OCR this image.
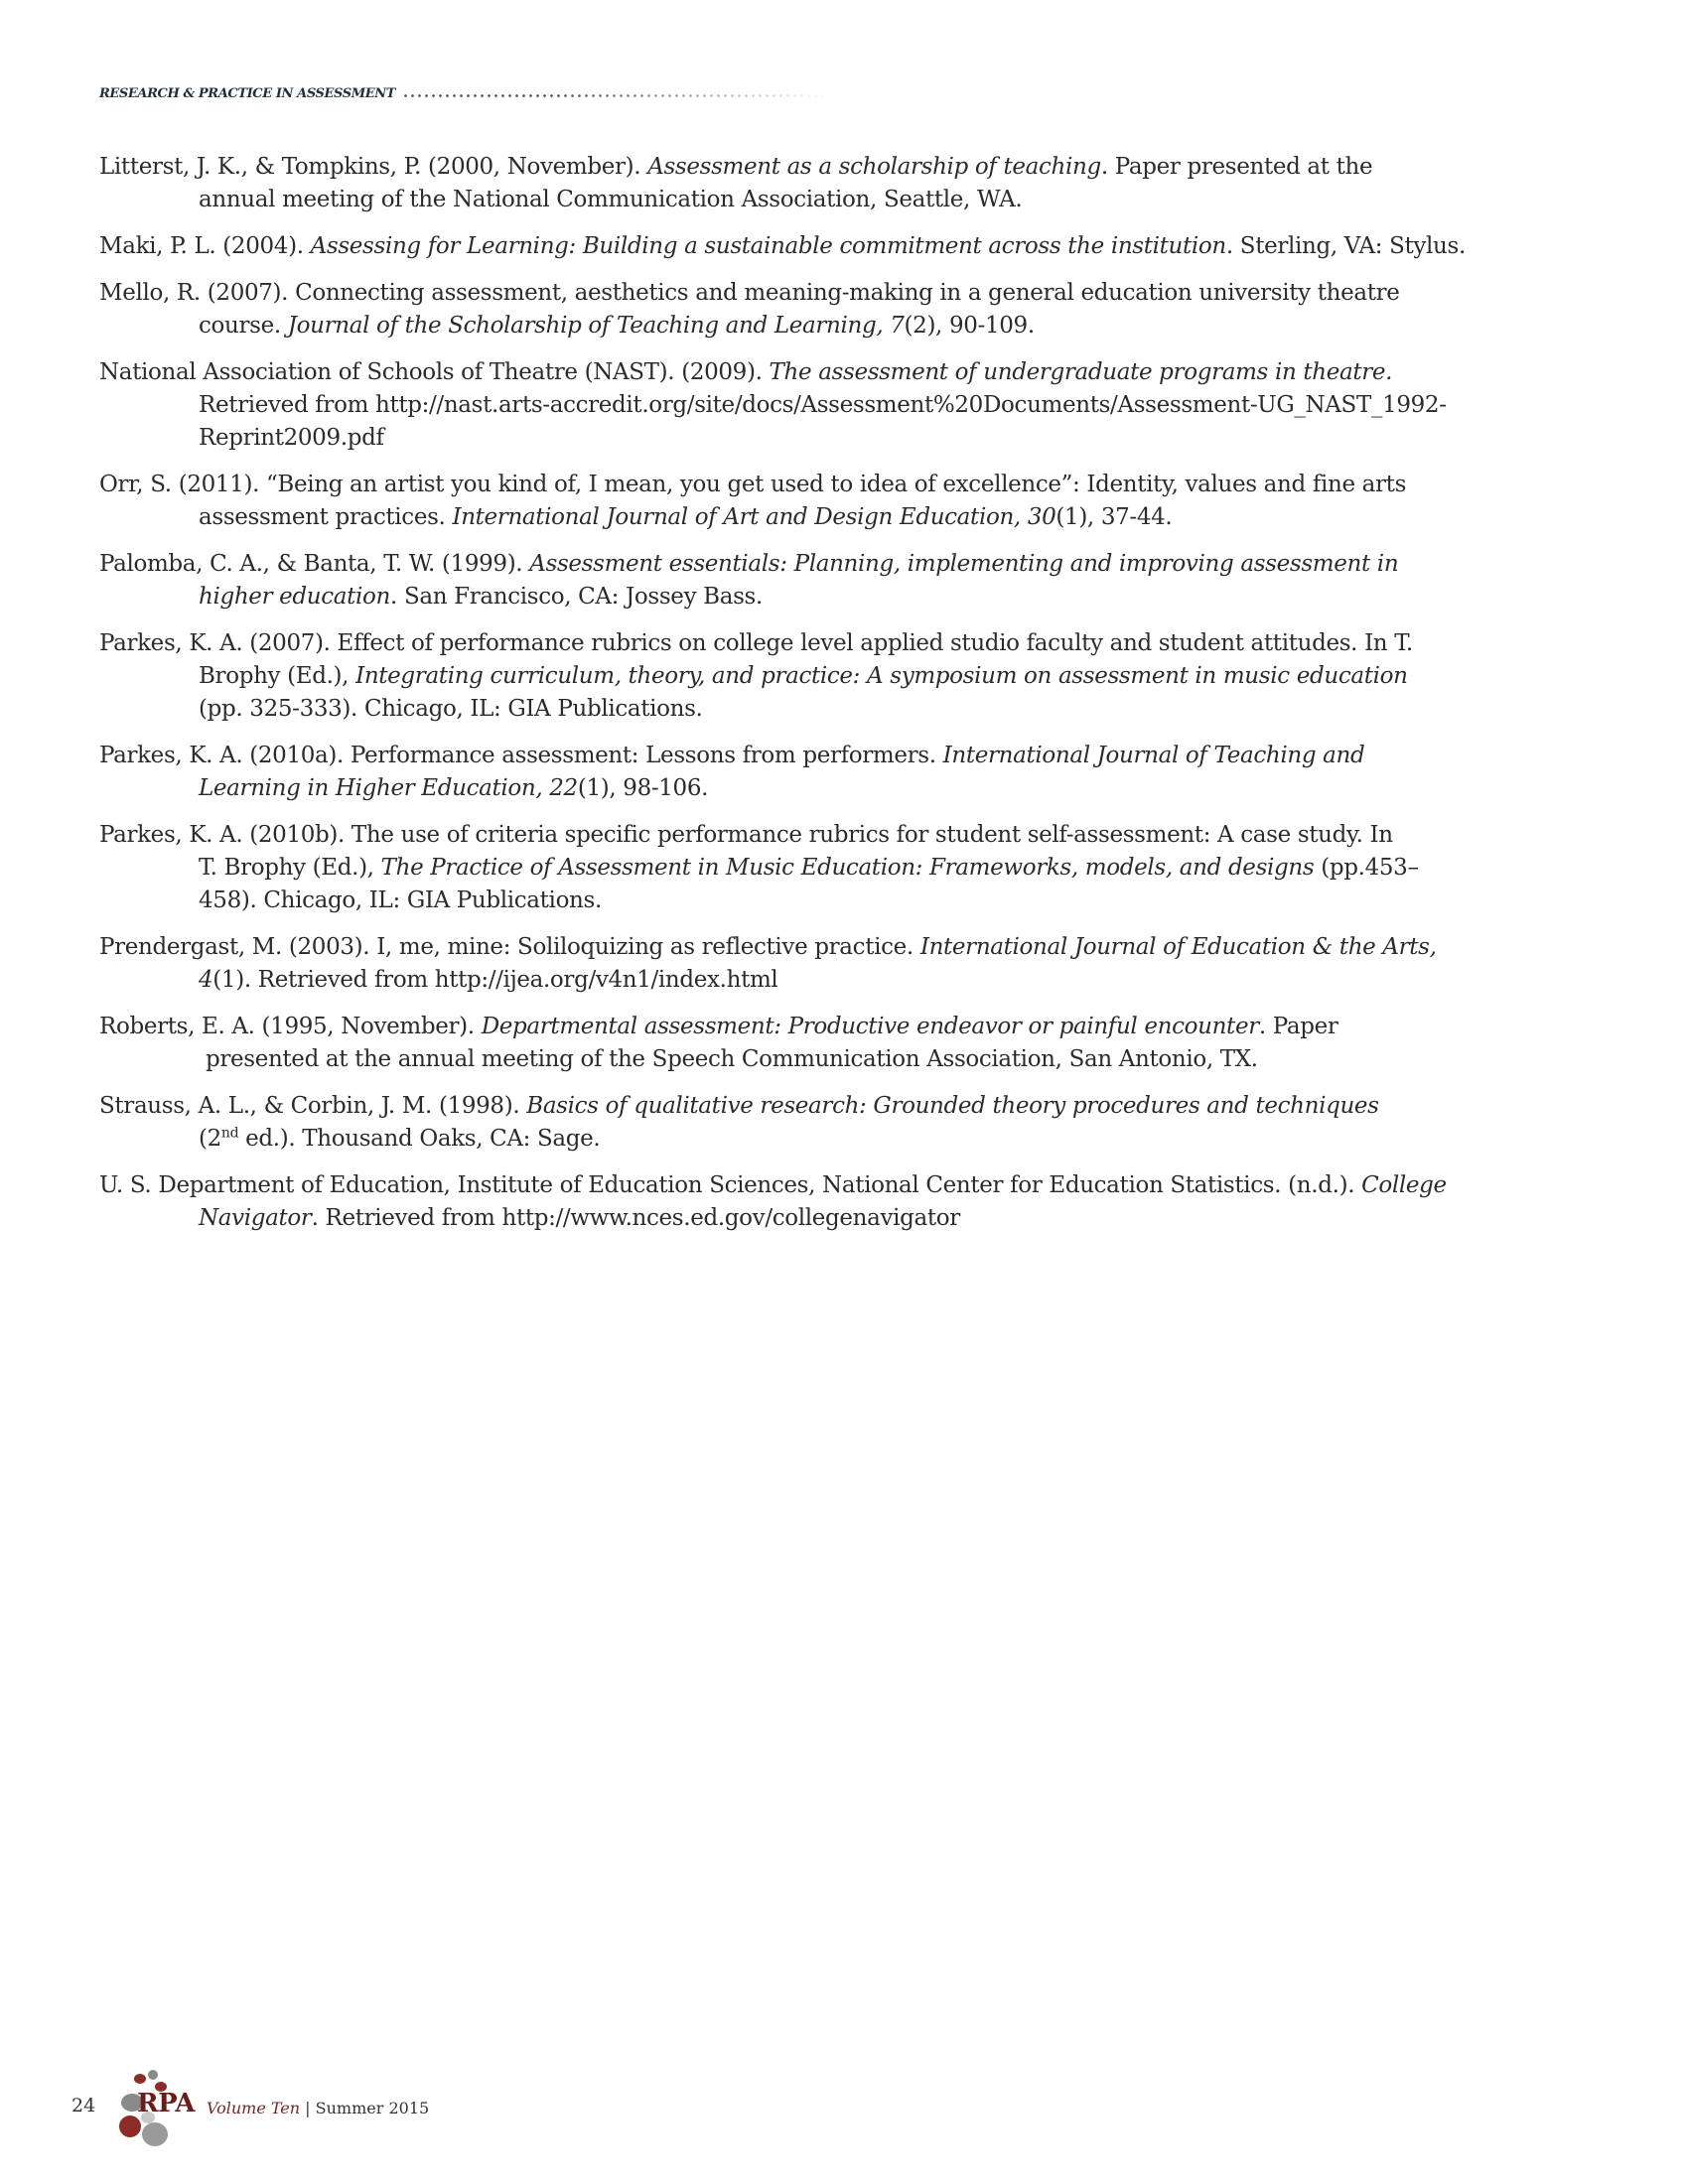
RESEARCH & PRACTICE IN ASSESSMENT
Litterst, J. K., & Tompkins, P. (2000, November). Assessment as a scholarship of teaching. Paper presented at the
annual meeting of the National Communication Association, Seattle, WA.
Maki, P. L. (2004). Assessing for Learning: Building a sustainable commitment across the institution. Sterling, VA: Stylus.
Mello, R. (2007). Connecting assessment, aesthetics and meaning-making in a general education university theatre
course. Journal of the Scholarship of Teaching and Learning, 7(2), 90-109.
National Association of Schools of Theatre (NAST). (2009). The assessment of undergraduate programs in theatre.
Retrieved from http://nast.arts-accredit.org/site/docs/Assessment%20Documents/Assessment-UG_NAST_1992-
Reprint2009.pdf
Orr, S. (2011). “Being an artist you kind of, I mean, you get used to idea of excellence”: Identity, values and fine arts
assessment practices. International Journal of Art and Design Education, 30(1), 37-44.
Palomba, C. A., & Banta, T. W. (1999). Assessment essentials: Planning, implementing and improving assessment in
higher education. San Francisco, CA: Jossey Bass.
Parkes, K. A. (2007). Effect of performance rubrics on college level applied studio faculty and student attitudes. In T.
Brophy (Ed.), Integrating curriculum, theory, and practice: A symposium on assessment in music education
(pp. 325-333). Chicago, IL: GIA Publications.
Parkes, K. A. (2010a). Performance assessment: Lessons from performers. International Journal of Teaching and
Learning in Higher Education, 22(1), 98-106.
Parkes, K. A. (2010b). The use of criteria specific performance rubrics for student self-assessment: A case study. In
T. Brophy (Ed.), The Practice of Assessment in Music Education: Frameworks, models, and designs (pp.453–
458). Chicago, IL: GIA Publications.
Prendergast, M. (2003). I, me, mine: Soliloquizing as reflective practice. International Journal of Education & the Arts,
4(1). Retrieved from http://ijea.org/v4n1/index.html
Roberts, E. A. (1995, November). Departmental assessment: Productive endeavor or painful encounter. Paper
presented at the annual meeting of the Speech Communication Association, San Antonio, TX.
Strauss, A. L., & Corbin, J. M. (1998). Basics of qualitative research: Grounded theory procedures and techniques
(2nd ed.). Thousand Oaks, CA: Sage.
U. S. Department of Education, Institute of Education Sciences, National Center for Education Statistics. (n.d.). College
Navigator. Retrieved from http://www.nces.ed.gov/collegenavigator
24 RPA Volume Ten | Summer 2015
